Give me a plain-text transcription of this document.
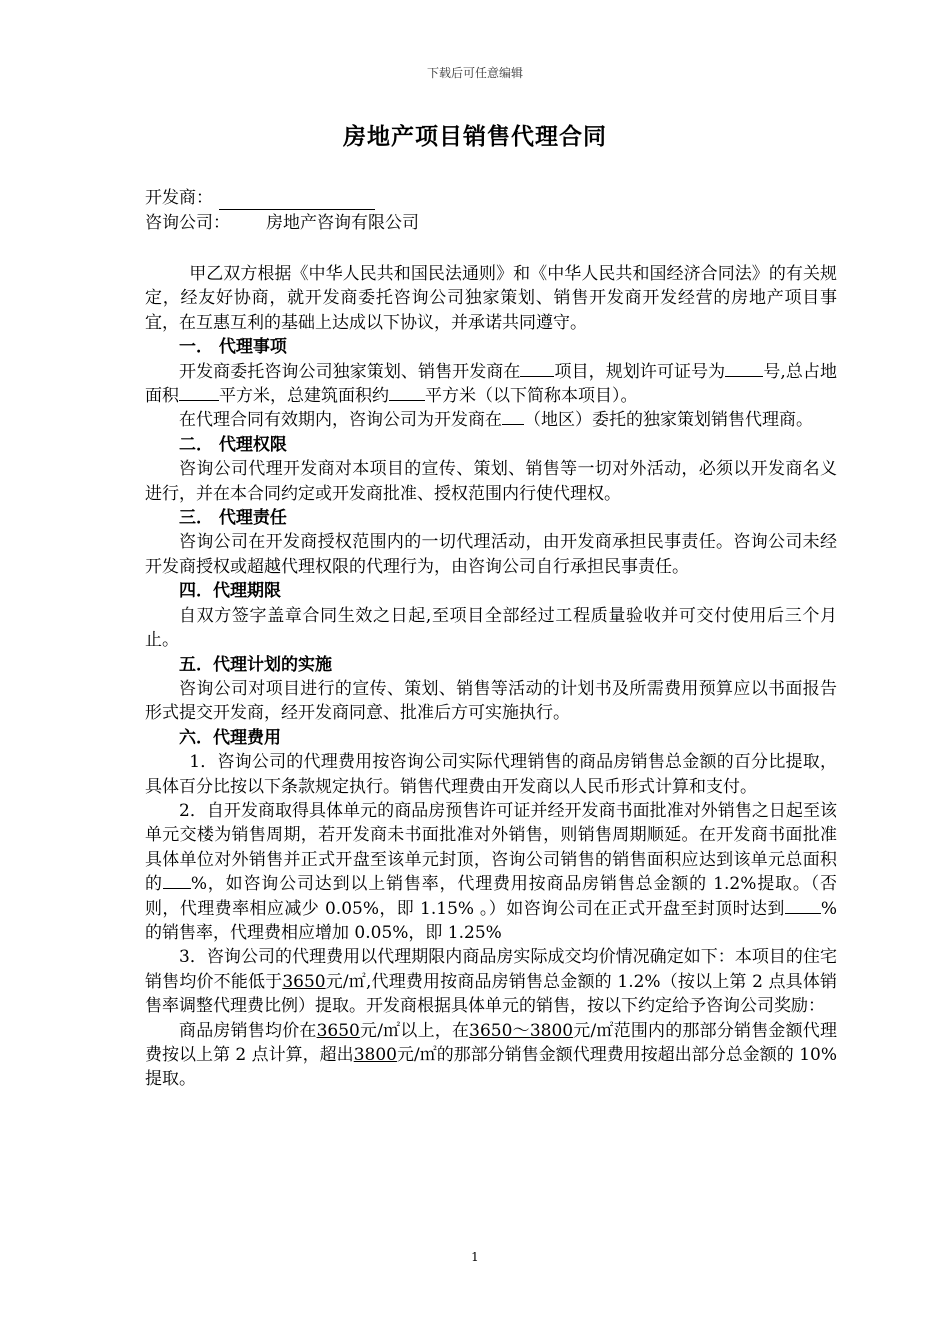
下载后可任意编辑
房地产项目销售代理合同
开发商：
咨询公司： 房地产咨询有限公司

甲乙双方根据《中华人民共和国民法通则》和《中华人民共和国经济合同法》的有关规定，经友好协商，就开发商委托咨询公司独家策划、销售开发商开发经营的房地产项目事宜，在互惠互利的基础上达成以下协议，并承诺共同遵守。

一． 代理事项

开发商委托咨询公司独家策划、销售开发商在 项目，规划许可证号为 号,总占地面积 平方米，总建筑面积约 平方米（以下简称本项目）。

在代理合同有效期内，咨询公司为开发商在 （地区）委托的独家策划销售代理商。

二． 代理权限

咨询公司代理开发商对本项目的宣传、策划、销售等一切对外活动，必须以开发商名义进行，并在本合同约定或开发商批准、授权范围内行使代理权。

三． 代理责任

咨询公司在开发商授权范围内的一切代理活动，由开发商承担民事责任。咨询公司未经开发商授权或超越代理权限的代理行为，由咨询公司自行承担民事责任。

四．代理期限

自双方签字盖章合同生效之日起,至项目全部经过工程质量验收并可交付使用后三个月止。

五．代理计划的实施

咨询公司对项目进行的宣传、策划、销售等活动的计划书及所需费用预算应以书面报告形式提交开发商，经开发商同意、批准后方可实施执行。

六．代理费用

1．咨询公司的代理费用按咨询公司实际代理销售的商品房销售总金额的百分比提取，具体百分比按以下条款规定执行。销售代理费由开发商以人民币形式计算和支付。

2．自开发商取得具体单元的商品房预售许可证并经开发商书面批准对外销售之日起至该单元交楼为销售周期，若开发商未书面批准对外销售，则销售周期顺延。在开发商书面批准具体单位对外销售并正式开盘至该单元封顶，咨询公司销售的销售面积应达到该单元总面积的 %，如咨询公司达到以上销售率，代理费用按商品房销售总金额的 1.2%提取。（否则，代理费率相应减少 0.05%，即 1.15% 。）如咨询公司在正式开盘至封顶时达到 %的销售率，代理费相应增加 0.05%，即 1.25%

3．咨询公司的代理费用以代理期限内商品房实际成交均价情况确定如下：本项目的住宅销售均价不能低于3650元/㎡,代理费用按商品房销售总金额的 1.2%（按以上第 2 点具体销售率调整代理费比例）提取。开发商根据具体单元的销售，按以下约定给予咨询公司奖励：

商品房销售均价在3650元/㎡以上，在3650～3800元/㎡范围内的那部分销售金额代理费按以上第 2 点计算，超出3800元/㎡的那部分销售金额代理费用按超出部分总金额的 10%提取。

1
